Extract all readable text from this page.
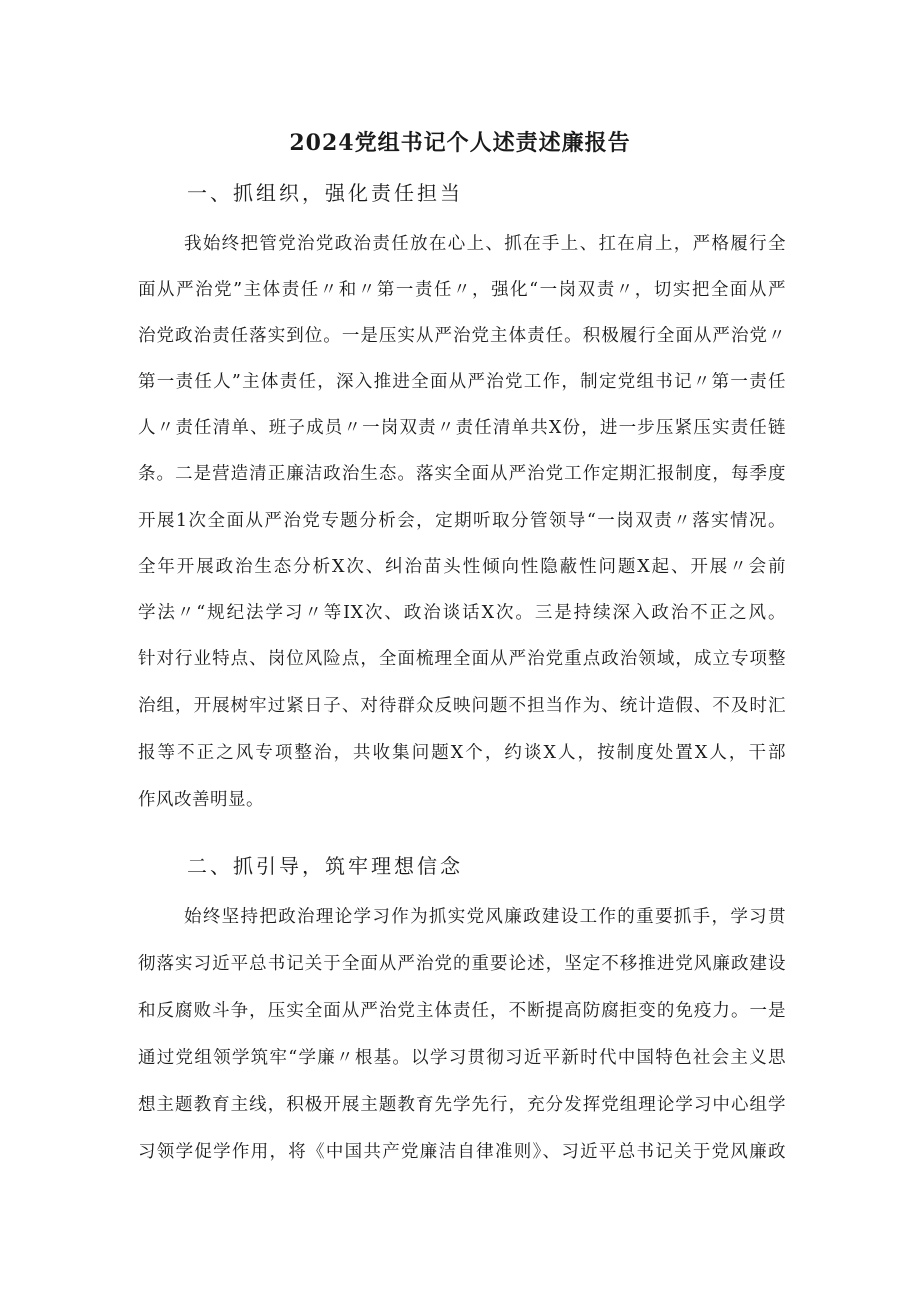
2024党组书记个人述责述廉报告
一、抓组织，强化责任担当
我始终把管党治党政治责任放在心上、抓在手上、扛在肩上，严格履行全
面从严治党”主体责任〃和〃第一责任〃，强化“一岗双责〃，切实把全面从严
治党政治责任落实到位。一是压实从严治党主体责任。积极履行全面从严治党〃
第一责任人”主体责任，深入推进全面从严治党工作，制定党组书记〃第一责任
人〃责任清单、班子成员〃一岗双责〃责任清单共X份，进一步压紧压实责任链
条。二是营造清正廉洁政治生态。落实全面从严治党工作定期汇报制度，每季度
开展1次全面从严治党专题分析会，定期听取分管领导“一岗双责〃落实情况。
全年开展政治生态分析X次、纠治苗头性倾向性隐蔽性问题X起、开展〃会前
学法〃“规纪法学习〃等IX次、政治谈话X次。三是持续深入政治不正之风。
针对行业特点、岗位风险点，全面梳理全面从严治党重点政治领域，成立专项整
治组，开展树牢过紧日子、对待群众反映问题不担当作为、统计造假、不及时汇
报等不正之风专项整治，共收集问题X个，约谈X人，按制度处置X人，干部
作风改善明显。
二、抓引导，筑牢理想信念
始终坚持把政治理论学习作为抓实党风廉政建设工作的重要抓手，学习贯
彻落实习近平总书记关于全面从严治党的重要论述，坚定不移推进党风廉政建设
和反腐败斗争，压实全面从严治党主体责任，不断提高防腐拒变的免疫力。一是
通过党组领学筑牢“学廉〃根基。以学习贯彻习近平新时代中国特色社会主义思
想主题教育主线，积极开展主题教育先学先行，充分发挥党组理论学习中心组学
习领学促学作用，将《中国共产党廉洁自律准则》、习近平总书记关于党风廉政
